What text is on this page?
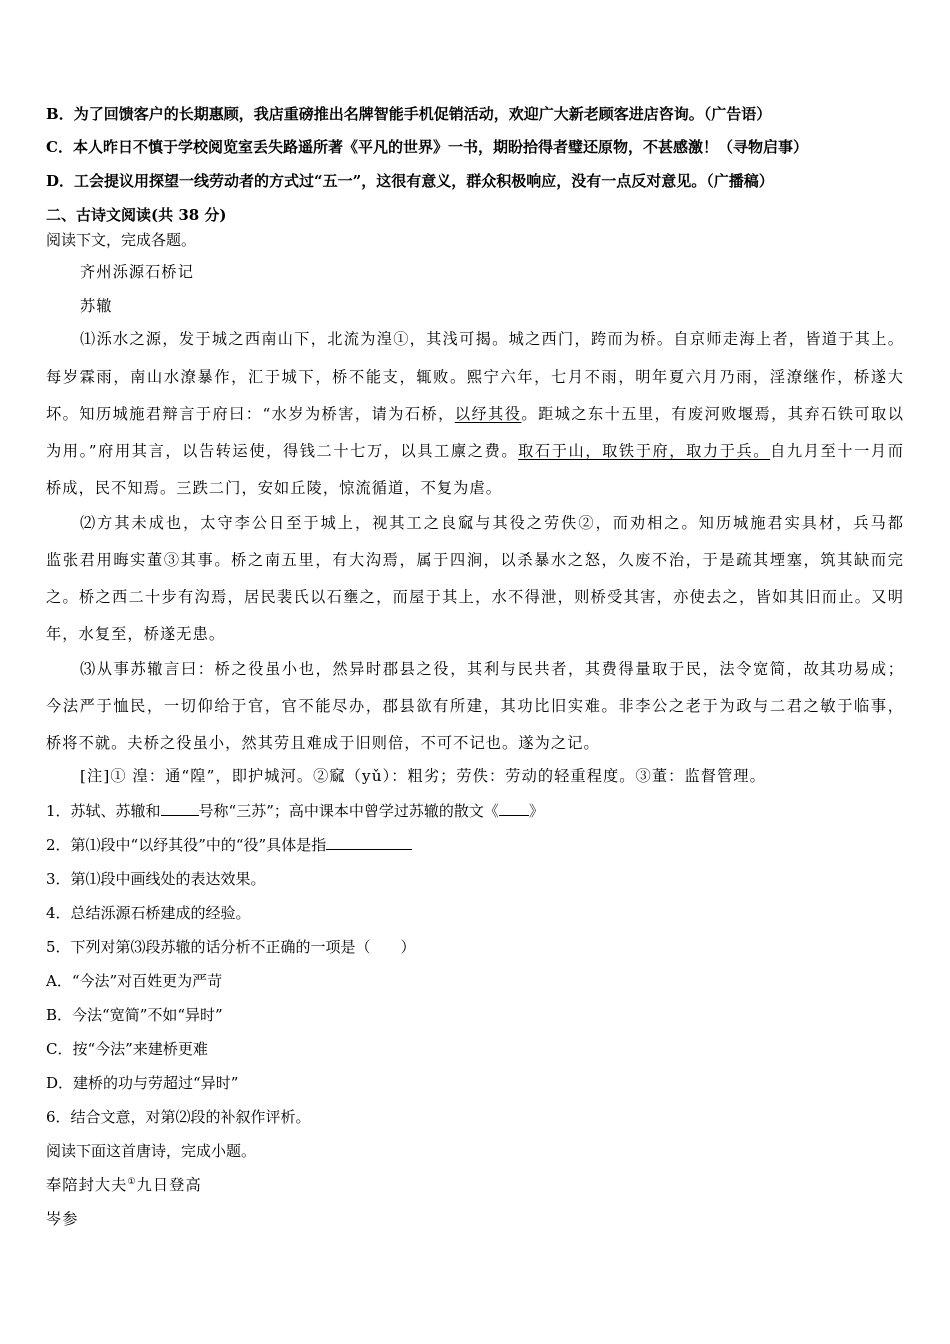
B．为了回馈客户的长期惠顾，我店重磅推出名牌智能手机促销活动，欢迎广大新老顾客进店咨询。（广告语）
C．本人昨日不慎于学校阅览室丢失路遥所著《平凡的世界》一书，期盼拾得者璧还原物，不甚感激！（寻物启事）
D．工会提议用探望一线劳动者的方式过“五一”，这很有意义，群众积极响应，没有一点反对意见。（广播稿）
二、古诗文阅读(共 38 分)
阅读下文，完成各题。
齐州泺源石桥记
苏辙
⑴泺水之源，发于城之西南山下，北流为湟①，其浅可揭。城之西门，跨而为桥。自京师走海上者，皆道于其上。
每岁霖雨，南山水潦暴作，汇于城下，桥不能支，辄败。熙宁六年，七月不雨，明年夏六月乃雨，淫潦继作，桥遂大
坏。知历城施君辩言于府曰：“水岁为桥害，请为石桥，以纾其役。距城之东十五里，有废河败堰焉，其弃石铁可取以
为用。”府用其言，以告转运使，得钱二十七万，以具工廪之费。取石于山，取铁于府，取力于兵。自九月至十一月而
桥成，民不知焉。三跌二门，安如丘陵，惊流循道，不复为虐。
⑵方其未成也，太守李公日至于城上，视其工之良窳与其役之劳佚②，而劝相之。知历城施君实具材，兵马都
监张君用晦实董③其事。桥之南五里，有大沟焉，属于四涧，以杀暴水之怒，久废不治，于是疏其堙塞，筑其缺而完
之。桥之西二十步有沟焉，居民裴氏以石壅之，而屋于其上，水不得泄，则桥受其害，亦使去之，皆如其旧而止。又明
年，水复至，桥遂无患。
⑶从事苏辙言曰：桥之役虽小也，然异时郡县之役，其利与民共者，其费得量取于民，法令宽简，故其功易成；
今法严于恤民，一切仰给于官，官不能尽办，郡县欲有所建，其功比旧实难。非李公之老于为政与二君之敏于临事，
桥将不就。夫桥之役虽小，然其劳且难成于旧则倍，不可不记也。遂为之记。
[注]① 湟：通“隍”，即护城河。②窳（yǔ）：粗劣；劳佚：劳动的轻重程度。③董：监督管理。
1．苏轼、苏辙和	号称“三苏”；高中课本中曾学过苏辙的散文《 》
2．第⑴段中“以纾其役”中的“役”具体是指
3．第⑴段中画线处的表达效果。
4．总结泺源石桥建成的经验。
5．下列对第⑶段苏辙的话分析不正确的一项是（　　）
A．“今法”对百姓更为严苛
B．今法“宽简”不如“异时”
C．按“今法”来建桥更难
D．建桥的功与劳超过“异时”
6．结合文意，对第⑵段的补叙作评析。
阅读下面这首唐诗，完成小题。
奉陪封大夫①九日登高
岑参
